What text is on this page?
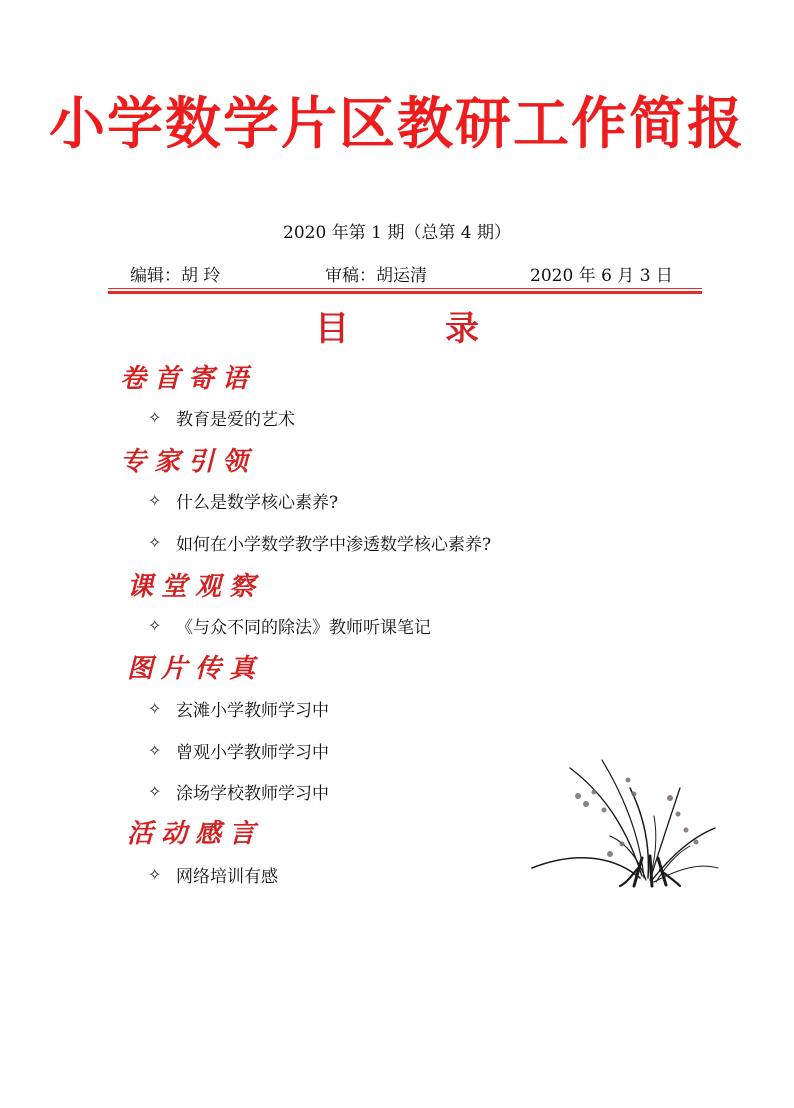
小学数学片区教研工作简报
2020 年第 1 期（总第 4 期）
编辑：胡 玲	审稿：胡运清	2020 年 6 月 3 日
目录
卷首寄语
✧ 教育是爱的艺术
专家引领
✧ 什么是数学核心素养?
✧ 如何在小学数学教学中渗透数学核心素养?
课堂观察
✧ 《与众不同的除法》教师听课笔记
图片传真
✧ 玄滩小学教师学习中
✧ 曾观小学教师学习中
✧ 涂场学校教师学习中
活动感言
✧ 网络培训有感
